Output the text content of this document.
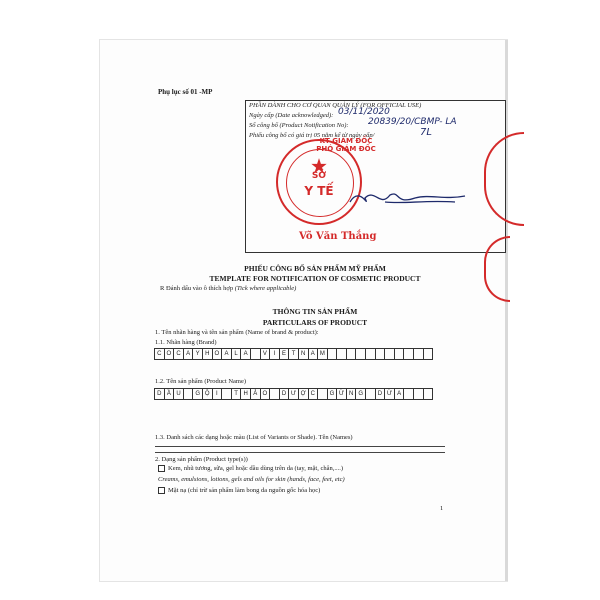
Phụ lục số 01 -MP
PHẦN DÀNH CHO CƠ QUAN QUẢN LÝ (FOR OFFICIAL USE)
Ngày cấp (Date acknowledged):
Số công bố (Product Notification No):
Phiếu công bố có giá trị 05 năm kể từ ngày cấp/
03/11/2020
20839/20/CBMP- LA
7L
KT GIÁM ĐỐC
PHÓ GIÁM ĐỐC
SỞ
Y TẾ
Võ Văn Thắng
PHIẾU CÔNG BỐ SẢN PHẨM MỸ PHẨM
TEMPLATE FOR NOTIFICATION OF COSMETIC PRODUCT
R Đánh dấu vào ô thích hợp (Tick where applicable)
THÔNG TIN SẢN PHẨM
PARTICULARS OF PRODUCT
1. Tên nhãn hàng và tên sản phẩm (Name of brand & product):
1.1. Nhãn hàng (Brand)
C O C A Y H O A L A	V	I	E T N A M
1.2. Tên sản phẩm (Product Name)
D Ầ U	G Ộ	I	T H Ả O	D Ư Ợ C	G Ừ N G	D Ừ A
1.3. Danh sách các dạng hoặc màu (List of Variants or Shade). Tên (Names)
2. Dạng sản phẩm (Product type(s))
Kem, nhũ tương, sữa, gel hoặc dầu dùng trên da (tay, mặt, chân,....)
Creams, emulsions, lotions, gels and oils for skin (hands, face, feet, etc)
Mặt nạ (chỉ trừ sản phẩm làm bong da nguồn gốc hóa học)
1
